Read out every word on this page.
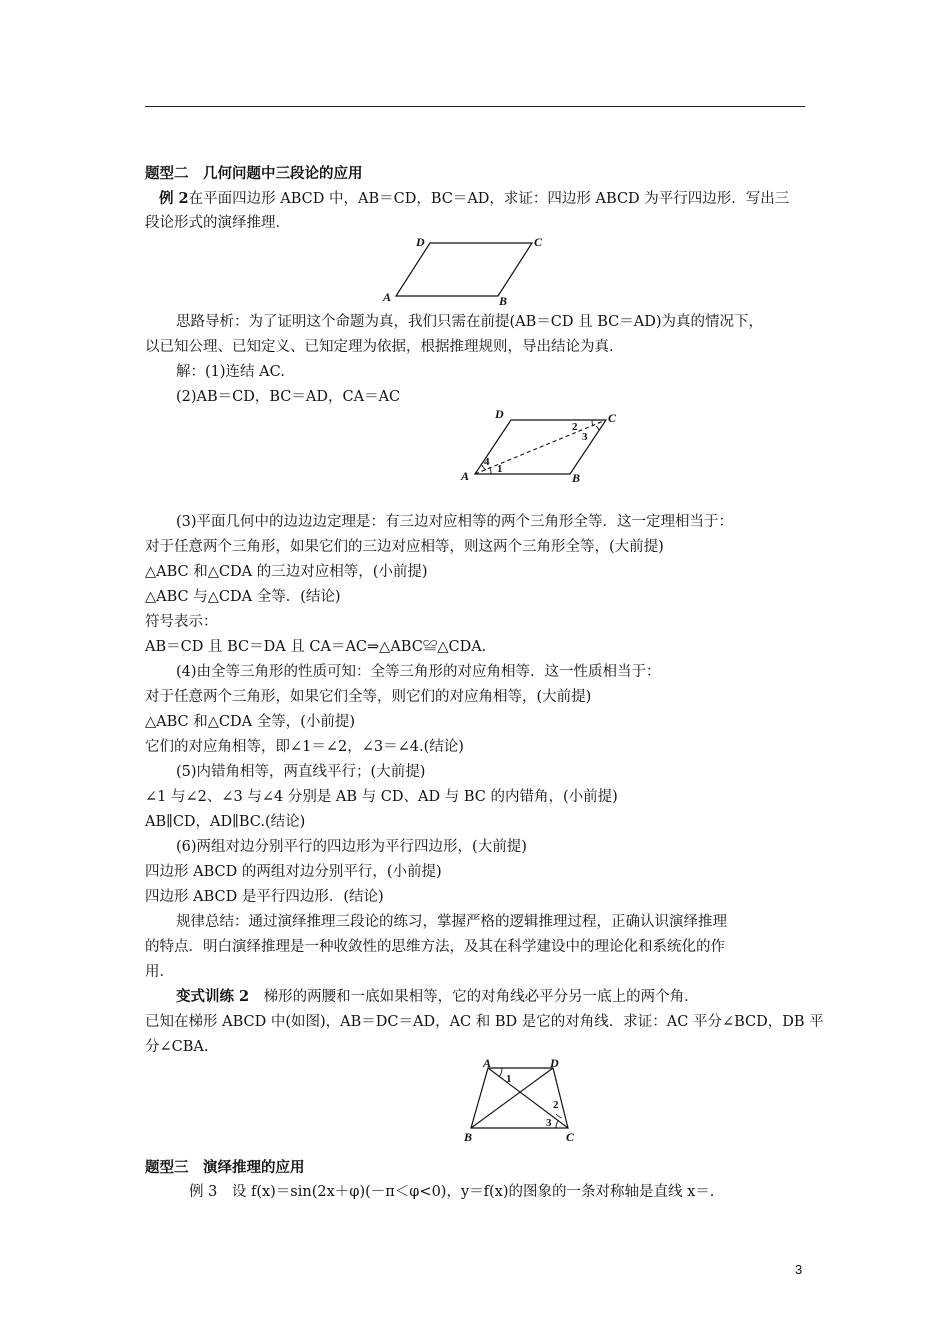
题型二　几何问题中三段论的应用
例 2在平面四边形 ABCD 中，AB＝CD，BC＝AD，求证：四边形 ABCD 为平行四边形．写出三
段论形式的演绎推理．
D	C
A	B
思路导析：为了证明这个命题为真，我们只需在前提(AB＝CD 且 BC＝AD)为真的情况下，
以已知公理、已知定义、已知定理为依据，根据推理规则，导出结论为真．
解：(1)连结 AC.
(2)AB＝CD，BC＝AD，CA＝AC
D	C
A	B
1
2
3
4
(3)平面几何中的边边边定理是：有三边对应相等的两个三角形全等．这一定理相当于：
对于任意两个三角形，如果它们的三边对应相等，则这两个三角形全等，(大前提)
△ABC 和△CDA 的三边对应相等，(小前提)
△ABC 与△CDA 全等．(结论)
符号表示：
AB＝CD 且 BC＝DA 且 CA＝AC⇒△ABC≌△CDA.
(4)由全等三角形的性质可知：全等三角形的对应角相等．这一性质相当于：
对于任意两个三角形，如果它们全等，则它们的对应角相等，(大前提)
△ABC 和△CDA 全等，(小前提)
它们的对应角相等，即∠1＝∠2，∠3＝∠4.(结论)
(5)内错角相等，两直线平行；(大前提)
∠1 与∠2、∠3 与∠4 分别是 AB 与 CD、AD 与 BC 的内错角，(小前提)
AB∥CD，AD∥BC.(结论)
(6)两组对边分别平行的四边形为平行四边形，(大前提)
四边形 ABCD 的两组对边分别平行，(小前提)
四边形 ABCD 是平行四边形．(结论)
规律总结：通过演绎推理三段论的练习，掌握严格的逻辑推理过程，正确认识演绎推理
的特点．明白演绎推理是一种收敛性的思维方法，及其在科学建设中的理论化和系统化的作
用．
变式训练 2　梯形的两腰和一底如果相等，它的对角线必平分另一底上的两个角．
已知在梯形 ABCD 中(如图)，AB＝DC＝AD，AC 和 BD 是它的对角线．求证：AC 平分∠BCD，DB 平
分∠CBA.
A	D
B	C
1
2
3
题型三　演绎推理的应用
例 3　设 f(x)＝sin(2x＋φ)(－π＜φ<0)，y＝f(x)的图象的一条对称轴是直线 x＝.
3
